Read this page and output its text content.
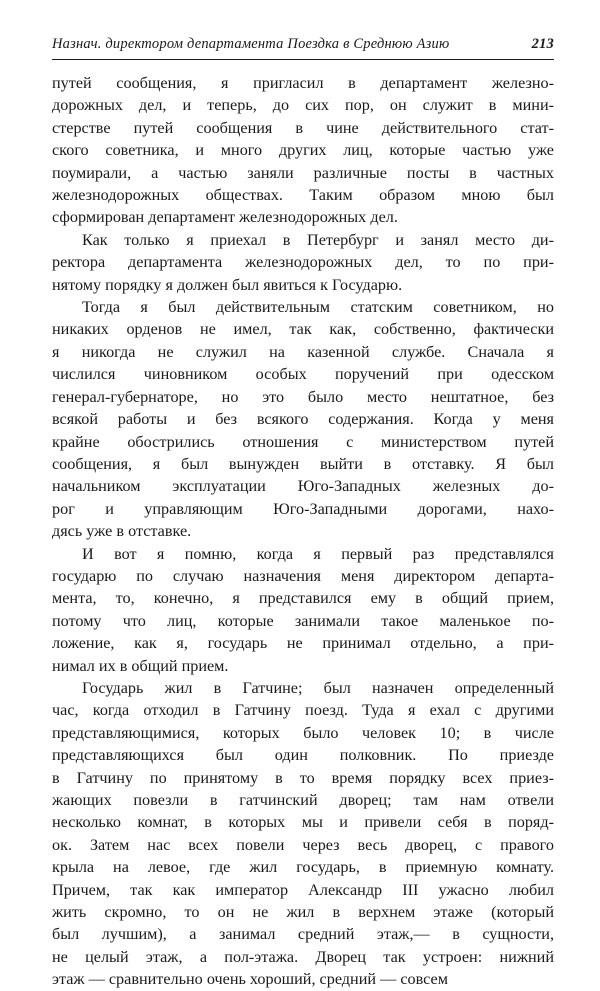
Назнач. директором департамента Поездка в Среднюю Азию	213
путей сообщения, я пригласил в департамент железно-
дорожных дел, и теперь, до сих пор, он служит в мини-
стерстве путей сообщения в чине действительного стат-
ского советника, и много других лиц, которые частью уже
поумирали, а частью заняли различные посты в частных
железнодорожных обществах. Таким образом мною был
сформирован департамент железнодорожных дел.
Как только я приехал в Петербург и занял место ди-
ректора департамента железнодорожных дел, то по при-
нятому порядку я должен был явиться к Государю.
Тогда я был действительным статским советником, но
никаких орденов не имел, так как, собственно, фактически
я никогда не служил на казенной службе. Сначала я
числился чиновником особых поручений при одесском
генерал-губернаторе, но это было место нештатное, без
всякой работы и без всякого содержания. Когда у меня
крайне обострились отношения с министерством путей
сообщения, я был вынужден выйти в отставку. Я был
начальником эксплуатации Юго-Западных железных до-
рог и управляющим Юго-Западными дорогами, нахо-
дясь уже в отставке.
И вот я помню, когда я первый раз представлялся
государю по случаю назначения меня директором департа-
мента, то, конечно, я представился ему в общий прием,
потому что лиц, которые занимали такое маленькое по-
ложение, как я, государь не принимал отдельно, а при-
нимал их в общий прием.
Государь жил в Гатчине; был назначен определенный
час, когда отходил в Гатчину поезд. Туда я ехал с другими
представляющимися, которых было человек 10; в числе
представляющихся был один полковник. По приезде
в Гатчину по принятому в то время порядку всех приез-
жающих повезли в гатчинский дворец; там нам отвели
несколько комнат, в которых мы и привели себя в поряд-
ок. Затем нас всех повели через весь дворец, с правого
крыла на левое, где жил государь, в приемную комнату.
Причем, так как император Александр III ужасно любил
жить скромно, то он не жил в верхнем этаже (который
был лучшим), а занимал средний этаж,— в сущности,
не целый этаж, а пол-этажа. Дворец так устроен: нижний
этаж — сравнительно очень хороший, средний — совсем
